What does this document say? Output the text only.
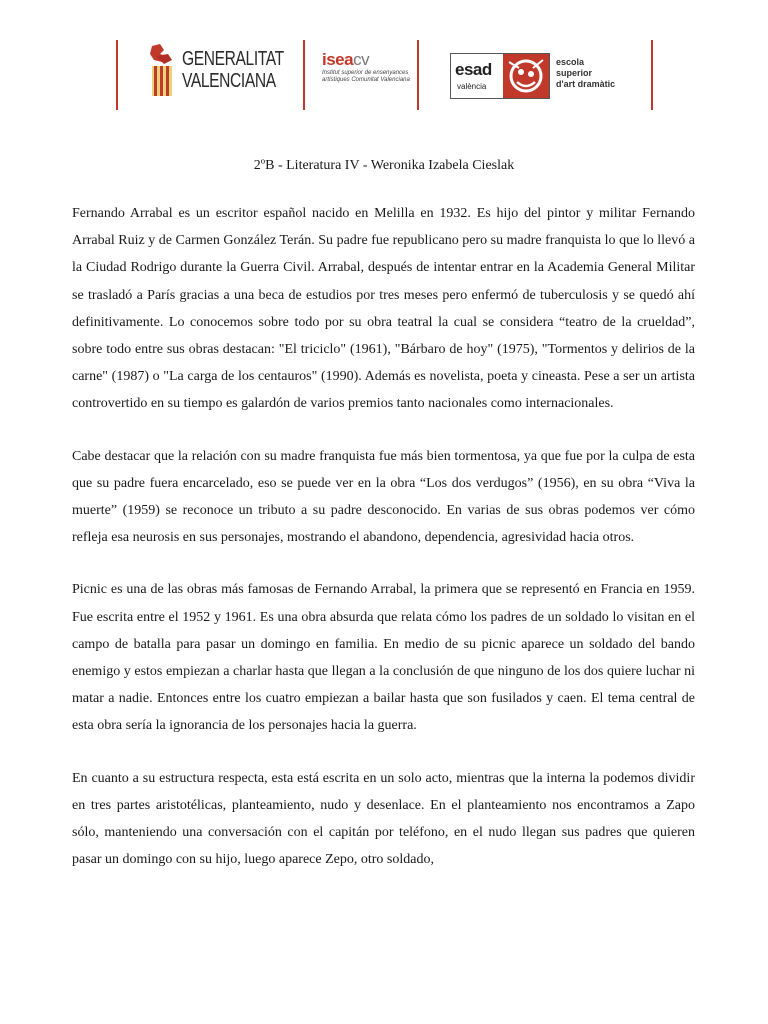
GENERALITAT
VALENCIANA
iseacv
Institut superior de ensenyances artístiques Comunitat Valenciana
esad
valència
escola
superior
d'art dramàtic
2ºB - Literatura IV - Weronika Izabela Cieslak

Fernando Arrabal es un escritor español nacido en Melilla en 1932. Es hijo del pintor y militar Fernando Arrabal Ruiz y de Carmen González Terán. Su padre fue republicano pero su madre franquista lo que lo llevó a la Ciudad Rodrigo durante la Guerra Civil. Arrabal, después de intentar entrar en la Academia General Militar se trasladó a París gracias a una beca de estudios por tres meses pero enfermó de tuberculosis y se quedó ahí definitivamente. Lo conocemos sobre todo por su obra teatral la cual se considera “teatro de la crueldad”, sobre todo entre sus obras destacan: "El triciclo" (1961), "Bárbaro de hoy" (1975), "Tormentos y delirios de la carne" (1987) o "La carga de los centauros" (1990). Además es novelista, poeta y cineasta. Pese a ser un artista controvertido en su tiempo es galardón de varios premios tanto nacionales como internacionales.

Cabe destacar que la relación con su madre franquista fue más bien tormentosa, ya que fue por la culpa de esta que su padre fuera encarcelado, eso se puede ver en la obra “Los dos verdugos” (1956), en su obra “Viva la muerte” (1959) se reconoce un tributo a su padre desconocido. En varias de sus obras podemos ver cómo refleja esa neurosis en sus personajes, mostrando el abandono, dependencia, agresividad hacia otros.

Picnic es una de las obras más famosas de Fernando Arrabal, la primera que se representó en Francia en 1959. Fue escrita entre el 1952 y 1961. Es una obra absurda que relata cómo los padres de un soldado lo visitan en el campo de batalla para pasar un domingo en familia. En medio de su picnic aparece un soldado del bando enemigo y estos empiezan a charlar hasta que llegan a la conclusión de que ninguno de los dos quiere luchar ni matar a nadie. Entonces entre los cuatro empiezan a bailar hasta que son fusilados y caen. El tema central de esta obra sería la ignorancia de los personajes hacia la guerra.

En cuanto a su estructura respecta, esta está escrita en un solo acto, mientras que la interna la podemos dividir en tres partes aristotélicas, planteamiento, nudo y desenlace. En el planteamiento nos encontramos a Zapo sólo, manteniendo una conversación con el capitán por teléfono, en el nudo llegan sus padres que quieren pasar un domingo con su hijo, luego aparece Zepo, otro soldado,
